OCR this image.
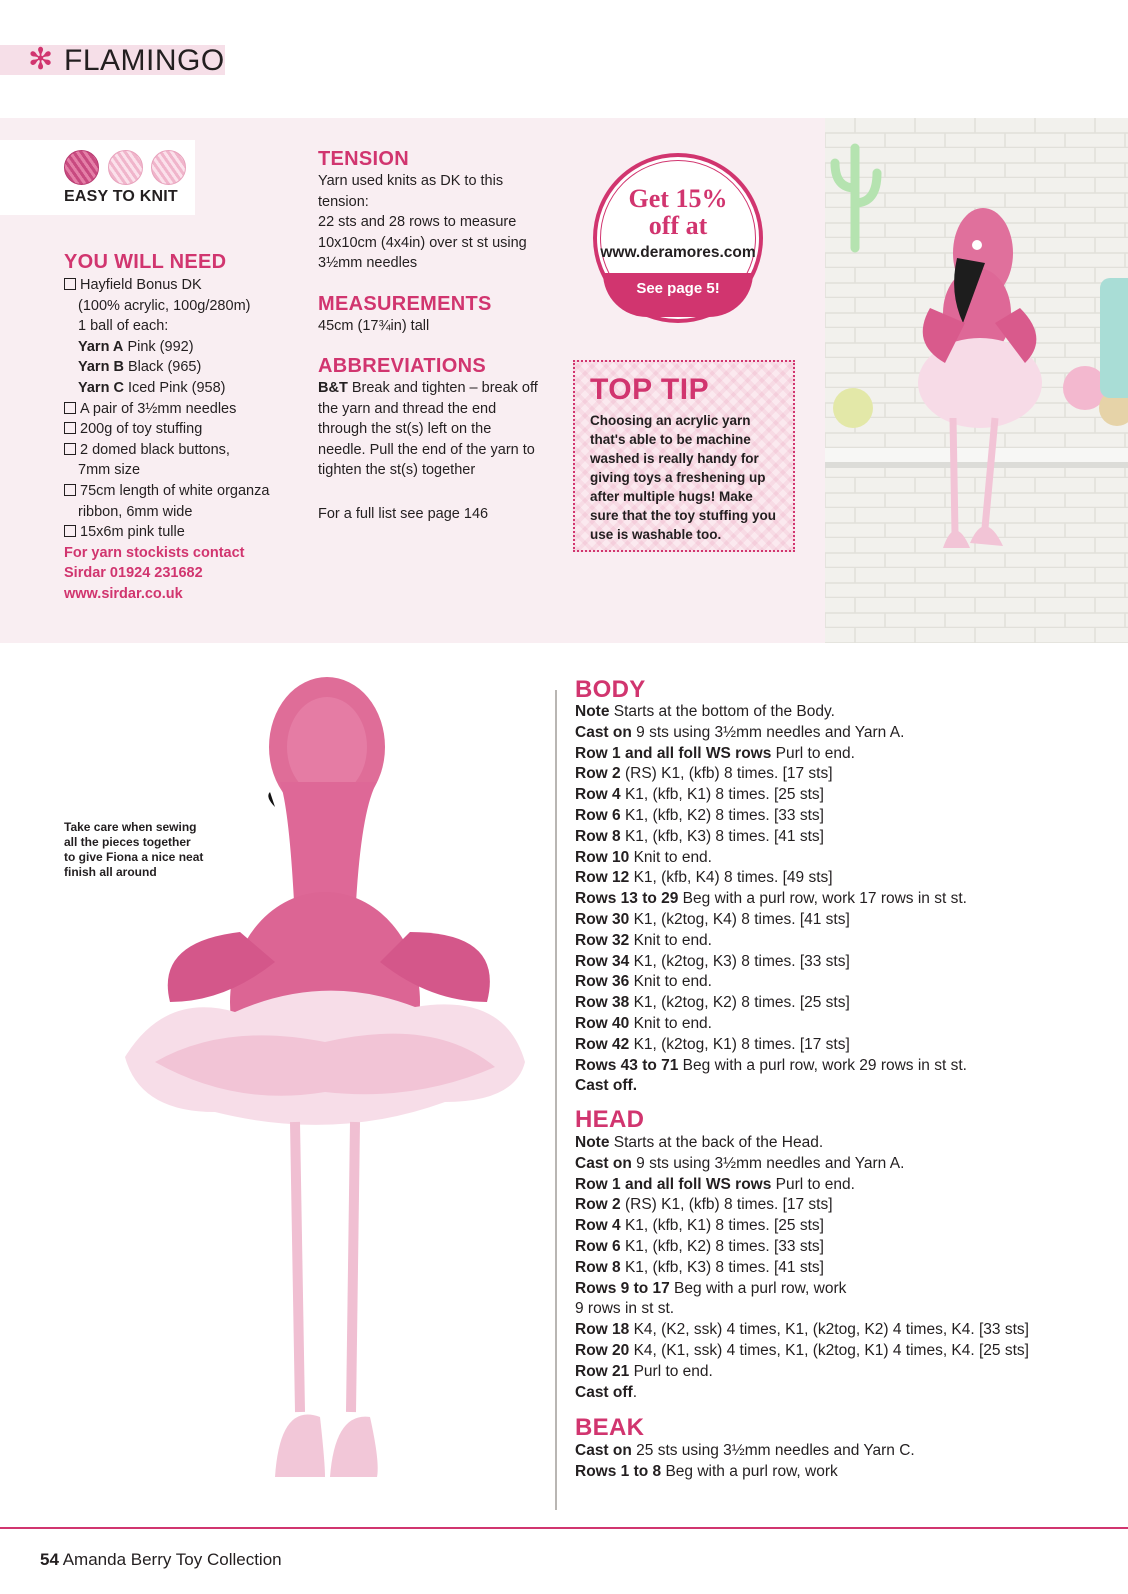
✻ FLAMINGO
EASY TO KNIT
YOU WILL NEED
Hayfield Bonus DK
(100% acrylic, 100g/280m)
1 ball of each:
Yarn A Pink (992)
Yarn B Black (965)
Yarn C Iced Pink (958)
A pair of 3½mm needles
200g of toy stuffing
2 domed black buttons,
7mm size
75cm length of white organza
ribbon, 6mm wide
15x6m pink tulle
For yarn stockists contact
Sirdar 01924 231682
www.sirdar.co.uk
TENSION
Yarn used knits as DK to this
tension:
22 sts and 28 rows to measure
10x10cm (4x4in) over st st using
3½mm needles
MEASUREMENTS
45cm (17¾in) tall
ABBREVIATIONS
B&T Break and tighten – break off
the yarn and thread the end
through the st(s) left on the
needle. Pull the end of the yarn to
tighten the st(s) together
For a full list see page 146
Get 15%
off at
www.deramores.com
See page 5!
TOP TIP
Choosing an acrylic yarn
that's able to be machine
washed is really handy for
giving toys a freshening up
after multiple hugs! Make
sure that the toy stuffing you
use is washable too.
Take care when sewing
all the pieces together
to give Fiona a nice neat
finish all around
BODY
Note Starts at the bottom of the Body.
Cast on 9 sts using 3½mm needles and Yarn A.
Row 1 and all foll WS rows Purl to end.
Row 2 (RS) K1, (kfb) 8 times. [17 sts]
Row 4 K1, (kfb, K1) 8 times. [25 sts]
Row 6 K1, (kfb, K2) 8 times. [33 sts]
Row 8 K1, (kfb, K3) 8 times. [41 sts]
Row 10 Knit to end.
Row 12 K1, (kfb, K4) 8 times. [49 sts]
Rows 13 to 29 Beg with a purl row, work 17 rows in st st.
Row 30 K1, (k2tog, K4) 8 times. [41 sts]
Row 32 Knit to end.
Row 34 K1, (k2tog, K3) 8 times. [33 sts]
Row 36 Knit to end.
Row 38 K1, (k2tog, K2) 8 times. [25 sts]
Row 40 Knit to end.
Row 42 K1, (k2tog, K1) 8 times. [17 sts]
Rows 43 to 71 Beg with a purl row, work 29 rows in st st.
Cast off.
HEAD
Note Starts at the back of the Head.
Cast on 9 sts using 3½mm needles and Yarn A.
Row 1 and all foll WS rows Purl to end.
Row 2 (RS) K1, (kfb) 8 times. [17 sts]
Row 4 K1, (kfb, K1) 8 times. [25 sts]
Row 6 K1, (kfb, K2) 8 times. [33 sts]
Row 8 K1, (kfb, K3) 8 times. [41 sts]
Rows 9 to 17 Beg with a purl row, work
9 rows in st st.
Row 18 K4, (K2, ssk) 4 times, K1, (k2tog, K2) 4 times, K4. [33 sts]
Row 20 K4, (K1, ssk) 4 times, K1, (k2tog, K1) 4 times, K4. [25 sts]
Row 21 Purl to end.
Cast off.
BEAK
Cast on 25 sts using 3½mm needles and Yarn C.
Rows 1 to 8 Beg with a purl row, work
54 Amanda Berry Toy Collection
